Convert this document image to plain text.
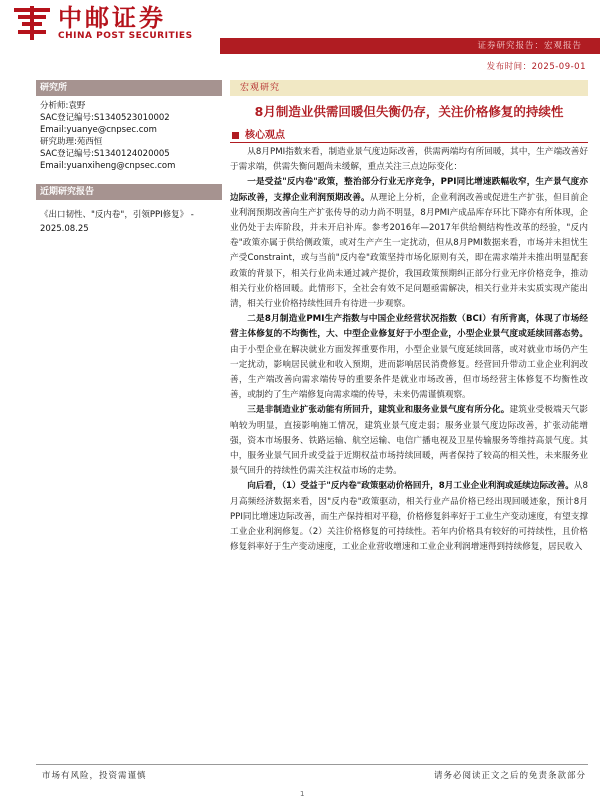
中邮证券
CHINA POST SECURITIES
证券研究报告：宏观报告
发布时间：2025-09-01
研究所
分析师:袁野
SAC登记编号:S1340523010002
Email:yuanye@cnpsec.com
研究助理:苑西恒
SAC登记编号:S1340124020005
Email:yuanxiheng@cnpsec.com
近期研究报告
《出口韧性、"反内卷"，引领PPI修复》 - 2025.08.25
宏观研究
8月制造业供需回暖但失衡仍存，关注价格修复的持续性
核心观点

从8月PMI指数来看，制造业景气度边际改善，供需两端均有所回暖，其中，生产端改善好于需求端，供需失衡问题尚未缓解，重点关注三点边际变化：

一是受益"反内卷"政策，整治部分行业无序竞争，PPI同比增速跌幅收窄，生产景气度亦边际改善，支撑企业利润预期改善。从理论上分析，企业利润改善或促进生产扩张，但目前企业利润预期改善向生产扩张传导的动力尚不明显，8月PMI产成品库存环比下降亦有所体现，企业仍处于去库阶段，并未开启补库。参考2016年—2017年供给侧结构性改革的经验，"反内卷"政策亦属于供给侧政策，或对生产产生一定扰动，但从8月PMI数据来看，市场并未担忧生产受Constraint，或与当前"反内卷"政策坚持市场化原则有关，即在需求端并未推出明显配套政策的背景下，相关行业尚未通过减产提价，我国政策预期纠正部分行业无序价格竞争，推动相关行业价格回暖。此情形下，全社会有效不足问题亟需解决，相关行业并未实质实现产能出清，相关行业价格持续性回升有待进一步观察。

二是8月制造业PMI生产指数与中国企业经营状况指数（BCI）有所背离，体现了市场经营主体修复的不均衡性，大、中型企业修复好于小型企业，小型企业景气度或延续回落态势。由于小型企业在解决就业方面发挥重要作用，小型企业景气度延续回落，或对就业市场仍产生一定扰动，影响居民就业和收入预期，进而影响居民消费修复。经营回升带动工业企业利润改善，生产端改善向需求端传导的重要条件是就业市场改善，但市场经营主体修复不均衡性改善，或制约了生产端修复向需求端的传导，未来仍需谨慎观察。

三是非制造业扩张动能有所回升，建筑业和服务业景气度有所分化。建筑业受极端天气影响较为明显，直接影响施工情况，建筑业景气度走弱；服务业景气度边际改善，扩张动能增强，资本市场服务、铁路运输、航空运输、电信广播电视及卫星传输服务等维持高景气度。其中，服务业景气回升或受益于近期权益市场持续回暖，两者保持了较高的相关性，未来服务业景气回升的持续性仍需关注权益市场的走势。

向后看，（1）受益于"反内卷"政策驱动价格回升，8月工业企业利润或延续边际改善。从8月高频经济数据来看，因"反内卷"政策驱动，相关行业产品价格已经出现回暖迹象，预计8月PPI同比增速边际改善，而生产保持相对平稳，价格修复斜率好于工业生产变动速度，有望支撑工业企业利润修复。（2）关注价格修复的可持续性。若年内价格具有较好的可持续性，且价格修复斜率好于生产变动速度，工业企业营收增速和工业企业利润增速得到持续修复，居民收入

市场有风险，投资需谨慎	请务必阅读正文之后的免责条款部分
1
